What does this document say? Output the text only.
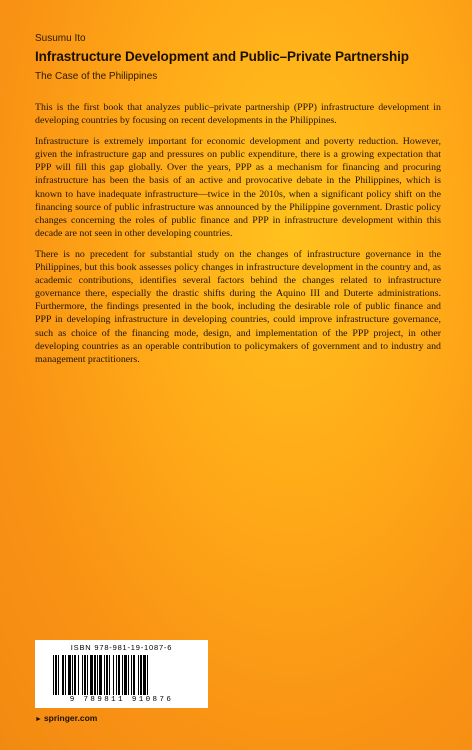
Susumu Ito
Infrastructure Development and Public–Private Partnership
The Case of the Philippines

This is the first book that analyzes public–private partnership (PPP) infrastructure development in developing countries by focusing on recent developments in the Philippines.

Infrastructure is extremely important for economic development and poverty reduction. However, given the infrastructure gap and pressures on public expenditure, there is a growing expectation that PPP will fill this gap globally. Over the years, PPP as a mechanism for financing and procuring infrastructure has been the basis of an active and provocative debate in the Philippines, which is known to have inadequate infrastructure—twice in the 2010s, when a significant policy shift on the financing source of public infrastructure was announced by the Philippine government. Drastic policy changes concerning the roles of public finance and PPP in infrastructure development within this decade are not seen in other developing countries.

There is no precedent for substantial study on the changes of infrastructure governance in the Philippines, but this book assesses policy changes in infrastructure development in the country and, as academic contributions, identifies several factors behind the changes related to infrastructure governance there, especially the drastic shifts during the Aquino III and Duterte administrations. Furthermore, the findings presented in the book, including the desirable role of public finance and PPP in developing infrastructure in developing countries, could improve infrastructure governance, such as choice of the financing mode, design, and implementation of the PPP project, in other developing countries as an operable contribution to policymakers of government and to industry and management practitioners.

ISBN 978-981-19-1087-6
9 789811 910876
► springer.com
